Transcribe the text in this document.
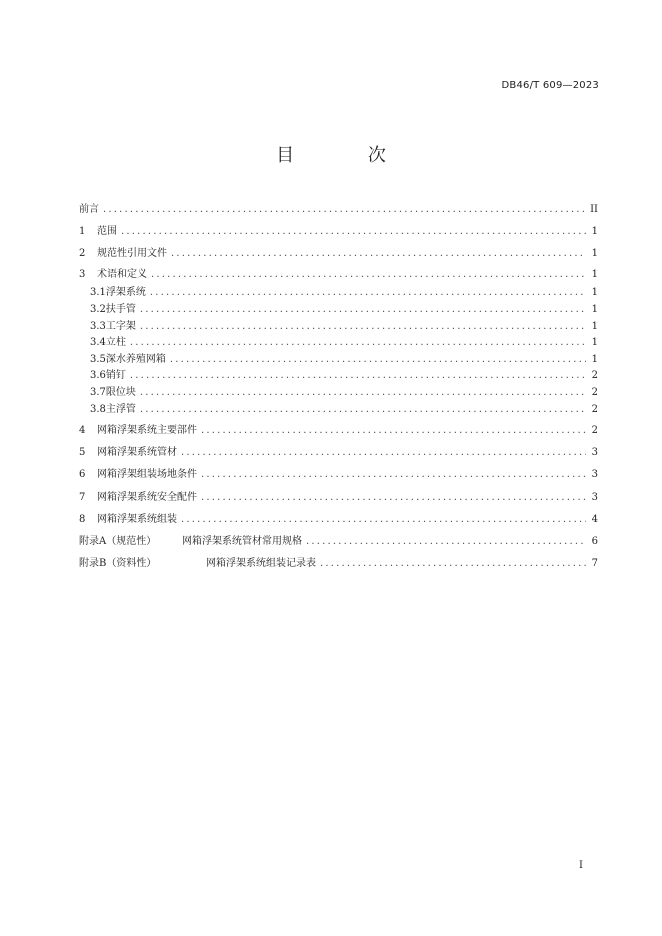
DB46/T 609—2023
目 次
前言 .....	II
1	范围 .....	1
2	规范性引用文件 .....	1
3	术语和定义 .....	1
3.1 浮架系统 .....	1
3.2 扶手管 .....	1
3.3 工字架 .....	1
3.4 立柱 .....	1
3.5 深水养殖网箱 .....	1
3.6 销钉 .....	2
3.7 限位块 .....	2
3.8 主浮管 .....	2
4	网箱浮架系统主要部件 .....	2
5	网箱浮架系统管材 .....	3
6	网箱浮架组装场地条件 .....	3
7	网箱浮架系统安全配件 .....	3
8	网箱浮架系统组装 .....	4
附录A（规范性）	网箱浮架系统管材常用规格 .....	6
附录B（资料性）	网箱浮架系统组装记录表 .....	7
I
